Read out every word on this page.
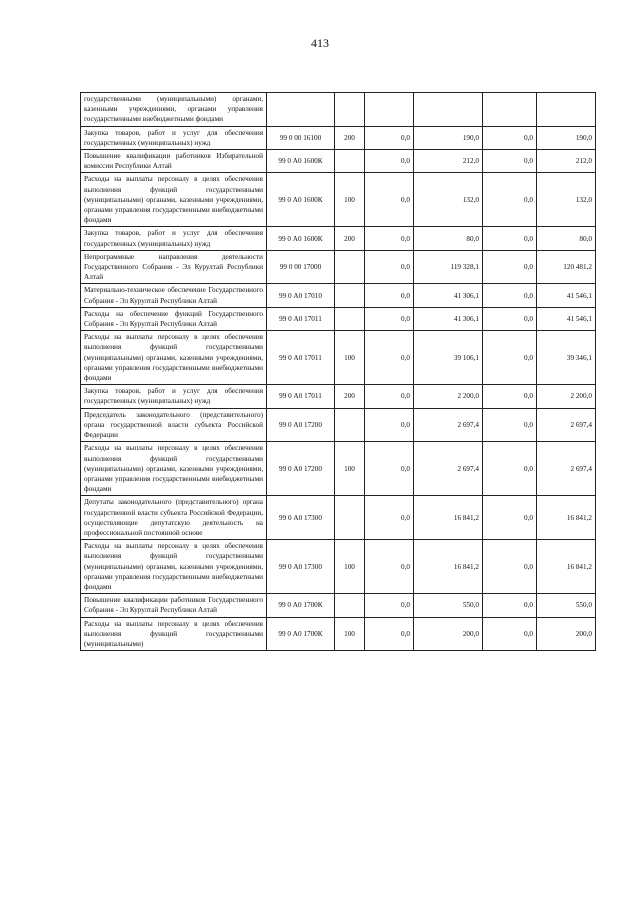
413
государственными (муниципальными) органами, казенными учреждениями, органами управления государственными внебюджетными фондами						
Закупка товаров, работ и услуг для обеспечения государственных (муниципальных) нужд	99 0 00 16100	200	0,0	190,0	0,0	190,0
Повышение квалификации работников Избирательной комиссии Республики Алтай	99 0 А0 1600К		0,0	212,0	0,0	212,0
Расходы на выплаты персоналу в целях обеспечения выполнения функций государственными (муниципальными) органами, казенными учреждениями, органами управления государственными внебюджетными фондами	99 0 А0 1600К	100	0,0	132,0	0,0	132,0
Закупка товаров, работ и услуг для обеспечения государственных (муниципальных) нужд	99 0 А0 1600К	200	0,0	80,0	0,0	80,0
Непрограммные направления деятельности Государственного Собрания - Эл Курултай Республики Алтай	99 0 00 17000		0,0	119 328,1	0,0	120 481,2
Материально-техническое обеспечение Государственного Собрания - Эл Курултай Республики Алтай	99 0 А0 17010		0,0	41 306,1	0,0	41 546,1
Расходы на обеспечение функций Государственного Собрания - Эл Курултай Республики Алтай	99 0 А0 17011		0,0	41 306,1	0,0	41 546,1
Расходы на выплаты персоналу в целях обеспечения выполнения функций государственными (муниципальными) органами, казенными учреждениями, органами управления государственными внебюджетными фондами	99 0 А0 17011	100	0,0	39 106,1	0,0	39 346,1
Закупка товаров, работ и услуг для обеспечения государственных (муниципальных) нужд	99 0 А0 17011	200	0,0	2 200,0	0,0	2 200,0
Председатель законодательного (представительного) органа государственной власти субъекта Российской Федерации	99 0 А0 17200		0,0	2 697,4	0,0	2 697,4
Расходы на выплаты персоналу в целях обеспечения выполнения функций государственными (муниципальными) органами, казенными учреждениями, органами управления государственными внебюджетными фондами	99 0 А0 17200	100	0,0	2 697,4	0,0	2 697,4
Депутаты законодательного (представительного) органа государственной власти субъекта Российской Федерации, осуществляющие депутатскую деятельность на профессиональной постоянной основе	99 0 А0 17300		0,0	16 841,2	0,0	16 841,2
Расходы на выплаты персоналу в целях обеспечения выполнения функций государственными (муниципальными) органами, казенными учреждениями, органами управления государственными внебюджетными фондами	99 0 А0 17300	100	0,0	16 841,2	0,0	16 841,2
Повышение квалификации работников Государственного Собрания - Эл Курултай Республики Алтай	99 0 А0 1700К		0,0	550,0	0,0	550,0
Расходы на выплаты персоналу в целях обеспечения выполнения функций государственными (муниципальными)	99 0 А0 1700К	100	0,0	200,0	0,0	200,0
